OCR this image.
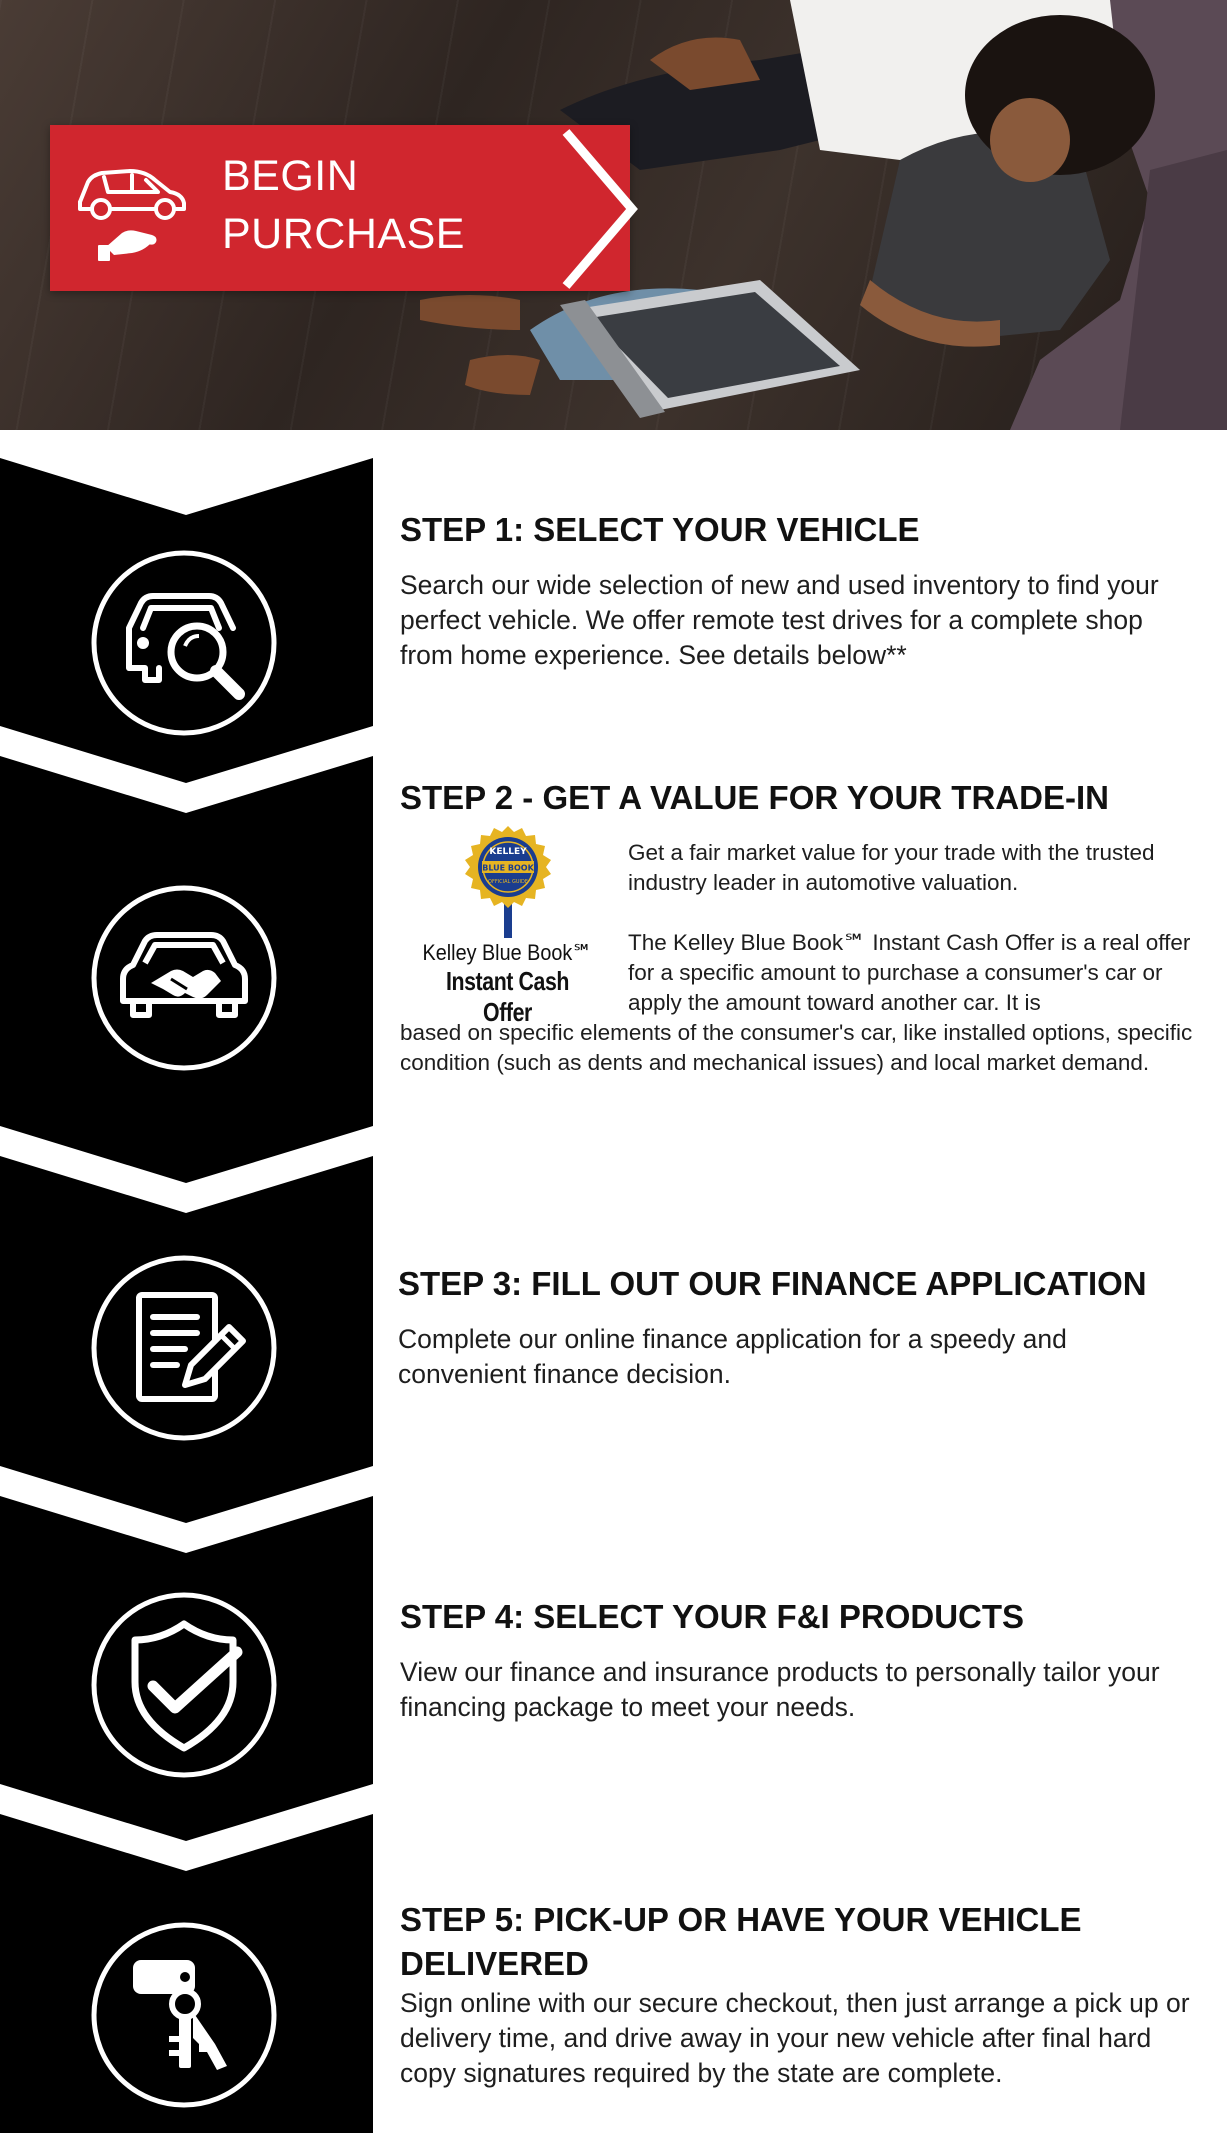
BEGIN
PURCHASE
STEP 1: SELECT YOUR VEHICLE

Search our wide selection of new and used inventory to find your perfect vehicle. We offer remote test drives for a complete shop from home experience. See details below**

STEP 2 - GET A VALUE FOR YOUR TRADE-IN
KELLEY
BLUE BOOK
OFFICIAL GUIDE
Kelley Blue Book℠
Instant Cash Offer

Get a fair market value for your trade with the trusted industry leader in automotive valuation.

The Kelley Blue Book℠ Instant Cash Offer is a real offer for a specific amount to purchase a consumer's car or apply the amount toward another car. It is

based on specific elements of the consumer's car, like installed options, specific condition (such as dents and mechanical issues) and local market demand.

STEP 3: FILL OUT OUR FINANCE APPLICATION

Complete our online finance application for a speedy and convenient finance decision.

STEP 4: SELECT YOUR F&I PRODUCTS

View our finance and insurance products to personally tailor your financing package to meet your needs.

STEP 5: PICK-UP OR HAVE YOUR VEHICLE DELIVERED

Sign online with our secure checkout, then just arrange a pick up or delivery time, and drive away in your new vehicle after final hard copy signatures required by the state are complete.
